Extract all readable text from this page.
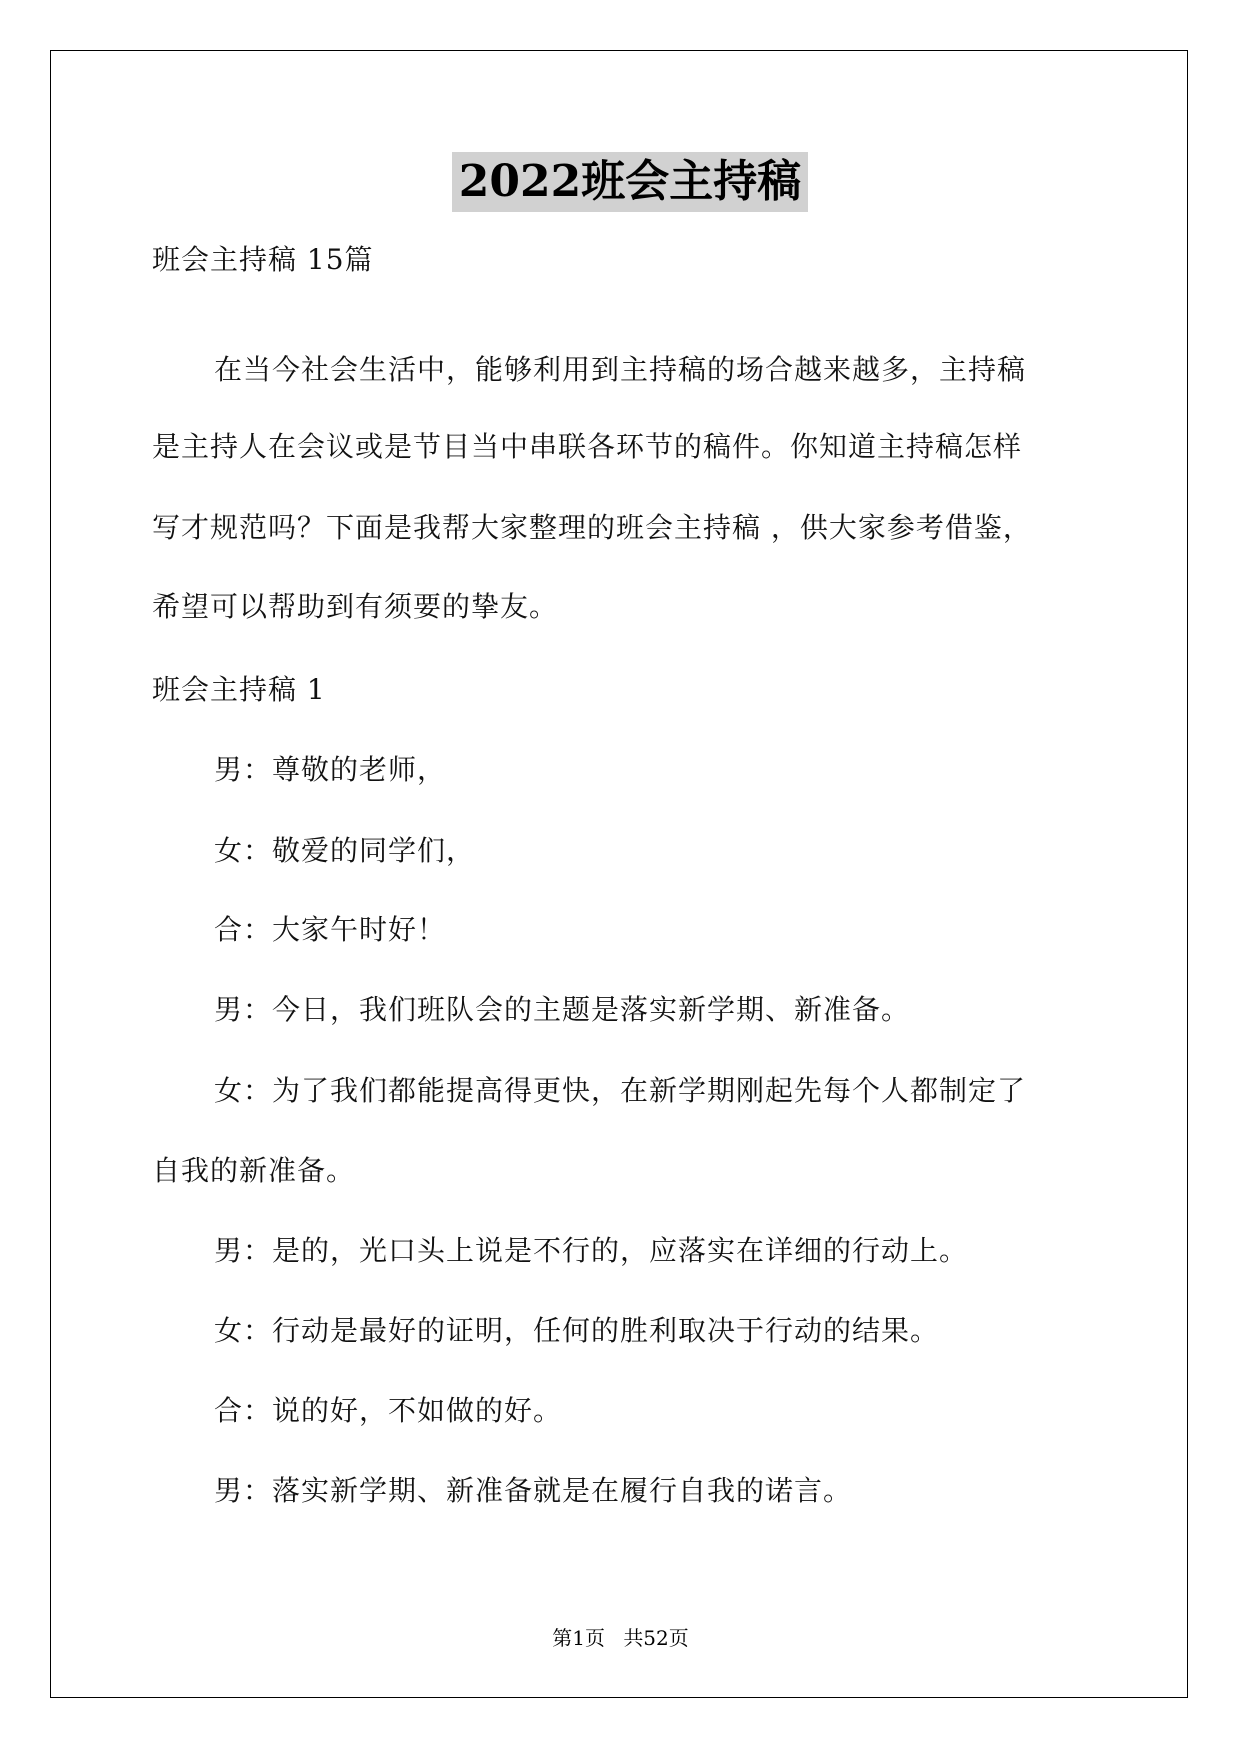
2022班会主持稿
班会主持稿 15篇
在当今社会生活中，能够利用到主持稿的场合越来越多，主持稿
是主持人在会议或是节目当中串联各环节的稿件。你知道主持稿怎样
写才规范吗？下面是我帮大家整理的班会主持稿 ，供大家参考借鉴，
希望可以帮助到有须要的挚友。
班会主持稿 1
男：尊敬的老师，
女：敬爱的同学们，
合：大家午时好！
男：今日，我们班队会的主题是落实新学期、新准备。
女：为了我们都能提高得更快，在新学期刚起先每个人都制定了
自我的新准备。
男：是的，光口头上说是不行的，应落实在详细的行动上。
女：行动是最好的证明，任何的胜利取决于行动的结果。
合：说的好，不如做的好。
男：落实新学期、新准备就是在履行自我的诺言。
第1页 共52页
